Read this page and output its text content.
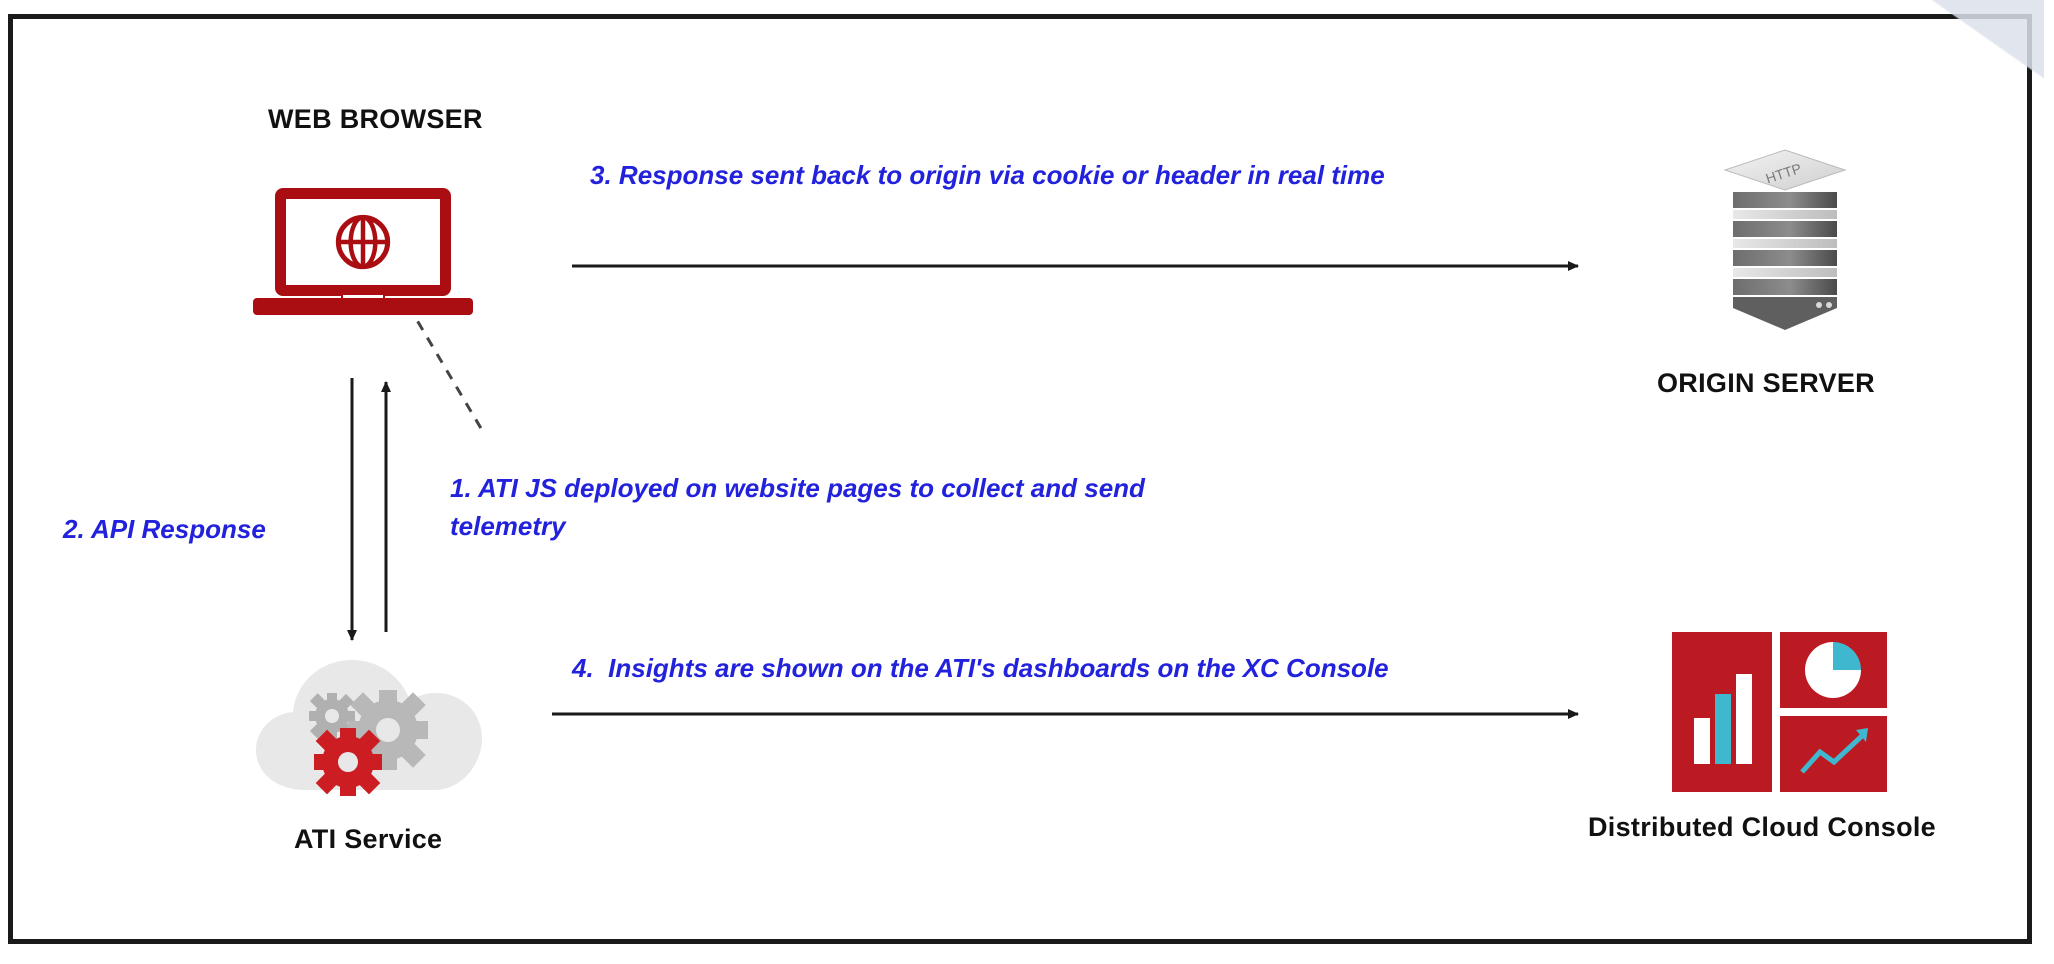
WEB BROWSER
HTTP
ORIGIN SERVER
ATI Service	Distributed Cloud Console
3. Response sent back to origin via cookie or header in real time
2. API Response
1. ATI JS deployed on website pages to collect and send telemetry
4. Insights are shown on the ATI's dashboards on the XC Console
